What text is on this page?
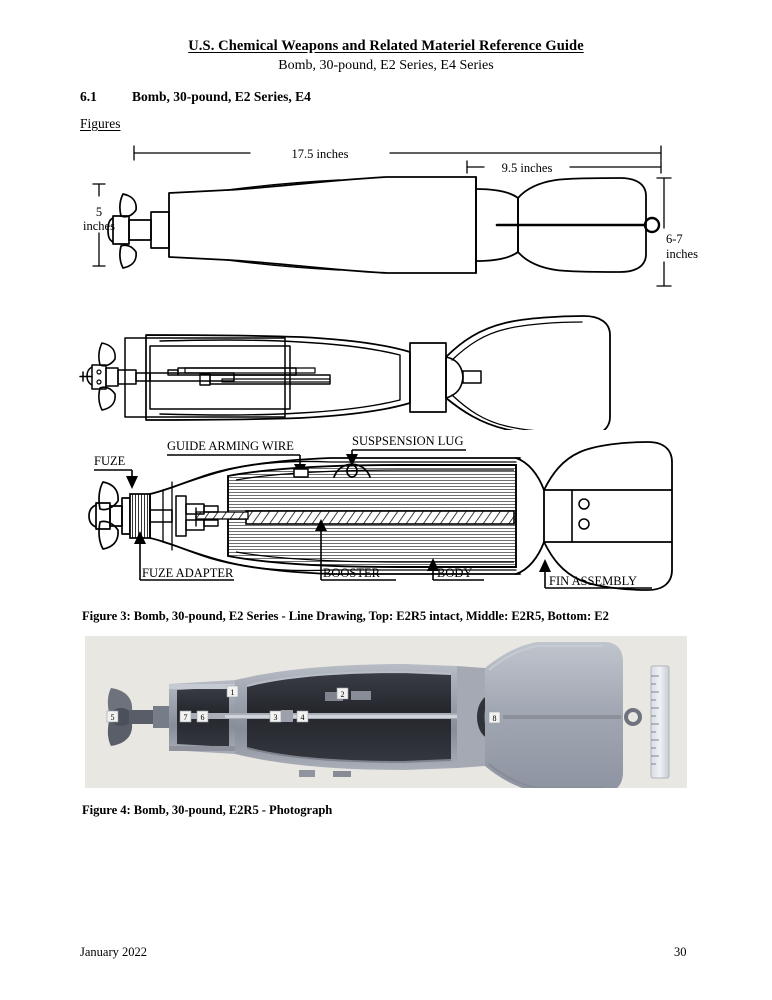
U.S. Chemical Weapons and Related Materiel Reference Guide
Bomb, 30-pound, E2 Series, E4 Series
6.1	Bomb, 30-pound, E2 Series, E4
Figures
17.5 inches
9.5 inches
5
inches
6-7
inches
GUIDE ARMING WIRE	SUSPSENSION LUG
FUZE
FUZE ADAPTER	BOOSTER	BODY
FIN ASSEMBLY
Figure 3: Bomb, 30-pound, E2 Series - Line Drawing, Top: E2R5 intact, Middle: E2R5, Bottom: E2
5	7
1
3	4
2
6	8
Figure 4: Bomb, 30-pound, E2R5 - Photograph
January 2022	30
